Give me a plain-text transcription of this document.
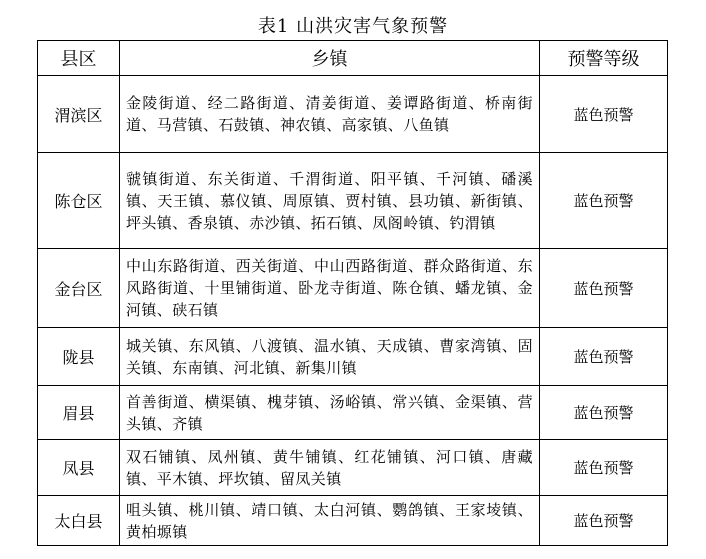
表1 山洪灾害气象预警
县区	乡镇	预警等级
渭滨区	金陵街道、经二路街道、清姜街道、姜谭路街道、桥南街道、马营镇、石鼓镇、神农镇、高家镇、八鱼镇	蓝色预警
陈仓区	虢镇街道、东关街道、千渭街道、阳平镇、千河镇、磻溪镇、天王镇、慕仪镇、周原镇、贾村镇、县功镇、新街镇、坪头镇、香泉镇、赤沙镇、拓石镇、凤阁岭镇、钓渭镇	蓝色预警
金台区	中山东路街道、西关街道、中山西路街道、群众路街道、东风路街道、十里铺街道、卧龙寺街道、陈仓镇、蟠龙镇、金河镇、硖石镇	蓝色预警
陇县	城关镇、东风镇、八渡镇、温水镇、天成镇、曹家湾镇、固关镇、东南镇、河北镇、新集川镇	蓝色预警
眉县	首善街道、横渠镇、槐芽镇、汤峪镇、常兴镇、金渠镇、营头镇、齐镇	蓝色预警
凤县	双石铺镇、凤州镇、黄牛铺镇、红花铺镇、河口镇、唐藏镇、平木镇、坪坎镇、留凤关镇	蓝色预警
太白县	咀头镇、桃川镇、靖口镇、太白河镇、鹦鸽镇、王家堎镇、黄柏塬镇	蓝色预警
